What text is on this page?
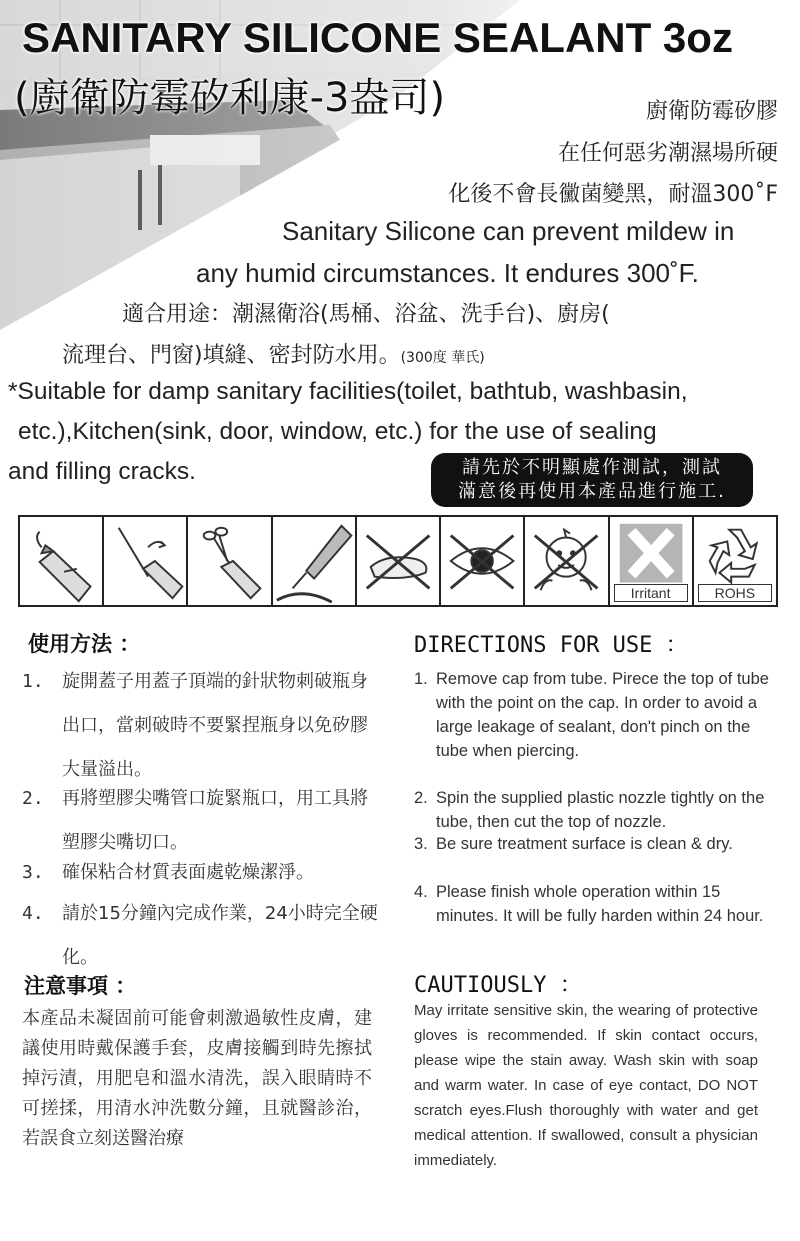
SANITARY SILICONE SEALANT 3oz
(廚衛防霉矽利康-3盎司)	廚衛防霉矽膠
在任何惡劣潮濕場所硬
化後不會長黴菌變黑，耐溫300˚F
Sanitary Silicone can prevent mildew in
any humid circumstances. It endures 300˚F.
適合用途：潮濕衛浴(馬桶、浴盆、洗手台)、廚房(
流理台、門窗)填縫、密封防水用。(300度 華氏)
*Suitable for damp sanitary facilities(toilet, bathtub, washbasin,
etc.),Kitchen(sink, door, window, etc.) for the use of sealing
and filling cracks.	請先於不明顯處作測試，測試
滿意後再使用本產品進行施工.
Irritant	ROHS
使用方法 ：
1.	旋開蓋子用蓋子頂端的針狀物刺破瓶身出口，當刺破時不要緊捏瓶身以免矽膠大量溢出。
2.	再將塑膠尖嘴管口旋緊瓶口，用工具將塑膠尖嘴切口。
3.	確保粘合材質表面處乾燥潔淨。
4.	請於15分鐘內完成作業，24小時完全硬化。
DIRECTIONS FOR USE ：
1. Remove cap from tube. Pirece the top of tube with the point on the cap. In order to avoid a large leakage of sealant, don't pinch on the tube when piercing.
2. Spin the supplied plastic nozzle tightly on the tube, then cut the top of nozzle.
3. Be sure treatment surface is clean & dry.
4. Please finish whole operation within 15 minutes. It will be fully harden within 24 hour.
注意事項 ：
本產品未凝固前可能會刺激過敏性皮膚，建議使用時戴保護手套，皮膚接觸到時先擦拭掉污漬，用肥皂和溫水清洗，誤入眼睛時不可搓揉，用清水沖洗數分鐘，且就醫診治，若誤食立刻送醫治療
CAUTIOUSLY ：
May irritate sensitive skin, the wearing of protective gloves is recommended. If skin contact occurs, please wipe the stain away. Wash skin with soap and warm water. In case of eye contact, DO NOT scratch eyes.Flush thoroughly with water and get medical attention. If swallowed, consult a physician immediately.
